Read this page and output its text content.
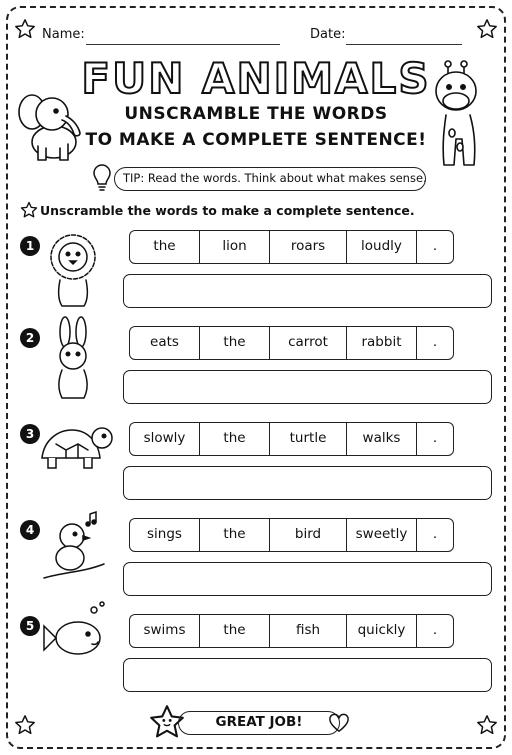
Name:	Date:
FUN ANIMALS
UNSCRAMBLE THE WORDS
TO MAKE A COMPLETE SENTENCE!
TIP: Read the words. Think about what makes sense.
Unscramble the words to make a complete sentence.
1	the	lion	roars	loudly	.
2	eats	the	carrot	rabbit	.
3	slowly	the	turtle	walks	.
4	sings	the	bird	sweetly	.
5	swims	the	fish	quickly	.
GREAT JOB!
